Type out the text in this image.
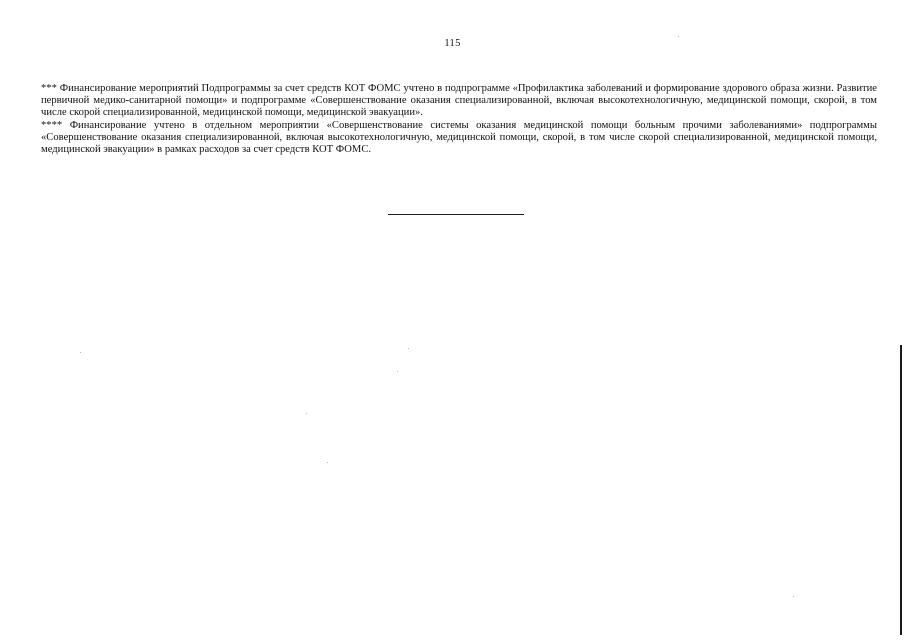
115

*** Финансирование мероприятий Подпрограммы за счет средств КОТ ФОМС учтено в подпрограмме «Профилактика заболеваний и формирование здорового образа жизни. Развитие первичной медико-санитарной помощи» и подпрограмме «Совершенствование оказания специализированной, включая высокотехнологичную, медицинской помощи, скорой, в том числе скорой специализированной, медицинской помощи, медицинской эвакуации».

**** Финансирование учтено в отдельном мероприятии «Совершенствование системы оказания медицинской помощи больным прочими заболеваниями» подпрограммы «Совершенствование оказания специализированной, включая высокотехнологичную, медицинской помощи, скорой, в том числе скорой специализированной, медицинской помощи, медицинской эвакуации» в рамках расходов за счет средств КОТ ФОМС.
